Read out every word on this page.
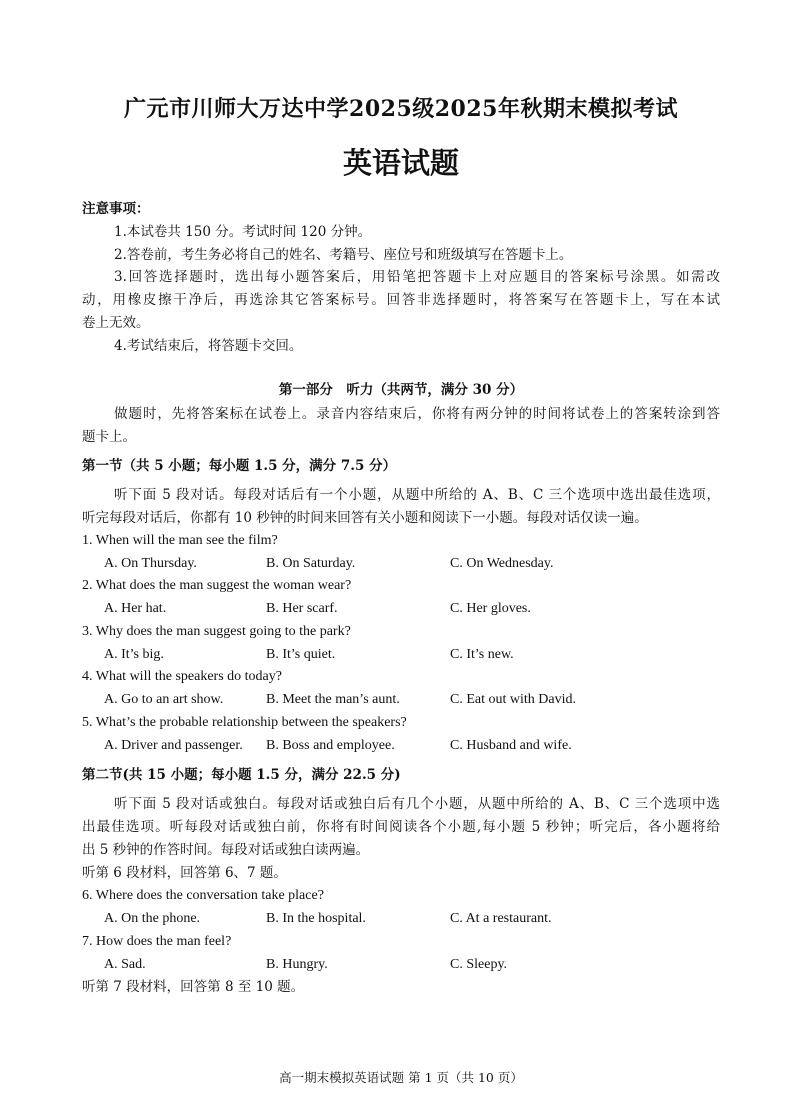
广元市川师大万达中学2025级2025年秋期末模拟考试
英语试题
注意事项：
1.本试卷共 150 分。考试时间 120 分钟。
2.答卷前，考生务必将自己的姓名、考籍号、座位号和班级填写在答题卡上。
3.回答选择题时，选出每小题答案后，用铅笔把答题卡上对应题目的答案标号涂黑。如需改
动，用橡皮擦干净后，再选涂其它答案标号。回答非选择题时，将答案写在答题卡上，写在本试
卷上无效。
4.考试结束后，将答题卡交回。
第一部分　听力（共两节，满分 30 分）
做题时，先将答案标在试卷上。录音内容结束后，你将有两分钟的时间将试卷上的答案转涂到答
题卡上。
第一节（共 5 小题；每小题 1.5 分，满分 7.5 分）
听下面 5 段对话。每段对话后有一个小题，从题中所给的 A、B、C 三个选项中选出最佳选项，
听完每段对话后，你都有 10 秒钟的时间来回答有关小题和阅读下一小题。每段对话仅读一遍。
1. When will the man see the film?
A. On Thursday.	B. On Saturday.	C. On Wednesday.
2. What does the man suggest the woman wear?
A. Her hat.	B. Her scarf.	C. Her gloves.
3. Why does the man suggest going to the park?
A. It’s big.	B. It’s quiet.	C. It’s new.
4. What will the speakers do today?
A. Go to an art show.	B. Meet the man’s aunt.	C. Eat out with David.
5. What’s the probable relationship between the speakers?
A. Driver and passenger. B. Boss and employee.	C. Husband and wife.
第二节(共 15 小题；每小题 1.5 分，满分 22.5 分)
听下面 5 段对话或独白。每段对话或独白后有几个小题，从题中所给的 A、B、C 三个选项中选
出最佳选项。听每段对话或独白前，你将有时间阅读各个小题,每小题 5 秒钟；听完后，各小题将给
出 5 秒钟的作答时间。每段对话或独白读两遍。
听第 6 段材料，回答第 6、7 题。
6. Where does the conversation take place?
A. On the phone.	B. In the hospital.	C. At a restaurant.
7. How does the man feel?
A. Sad.	B. Hungry.	C. Sleepy.
听第 7 段材料，回答第 8 至 10 题。
高一期末模拟英语试题 第 1 页（共 10 页）
